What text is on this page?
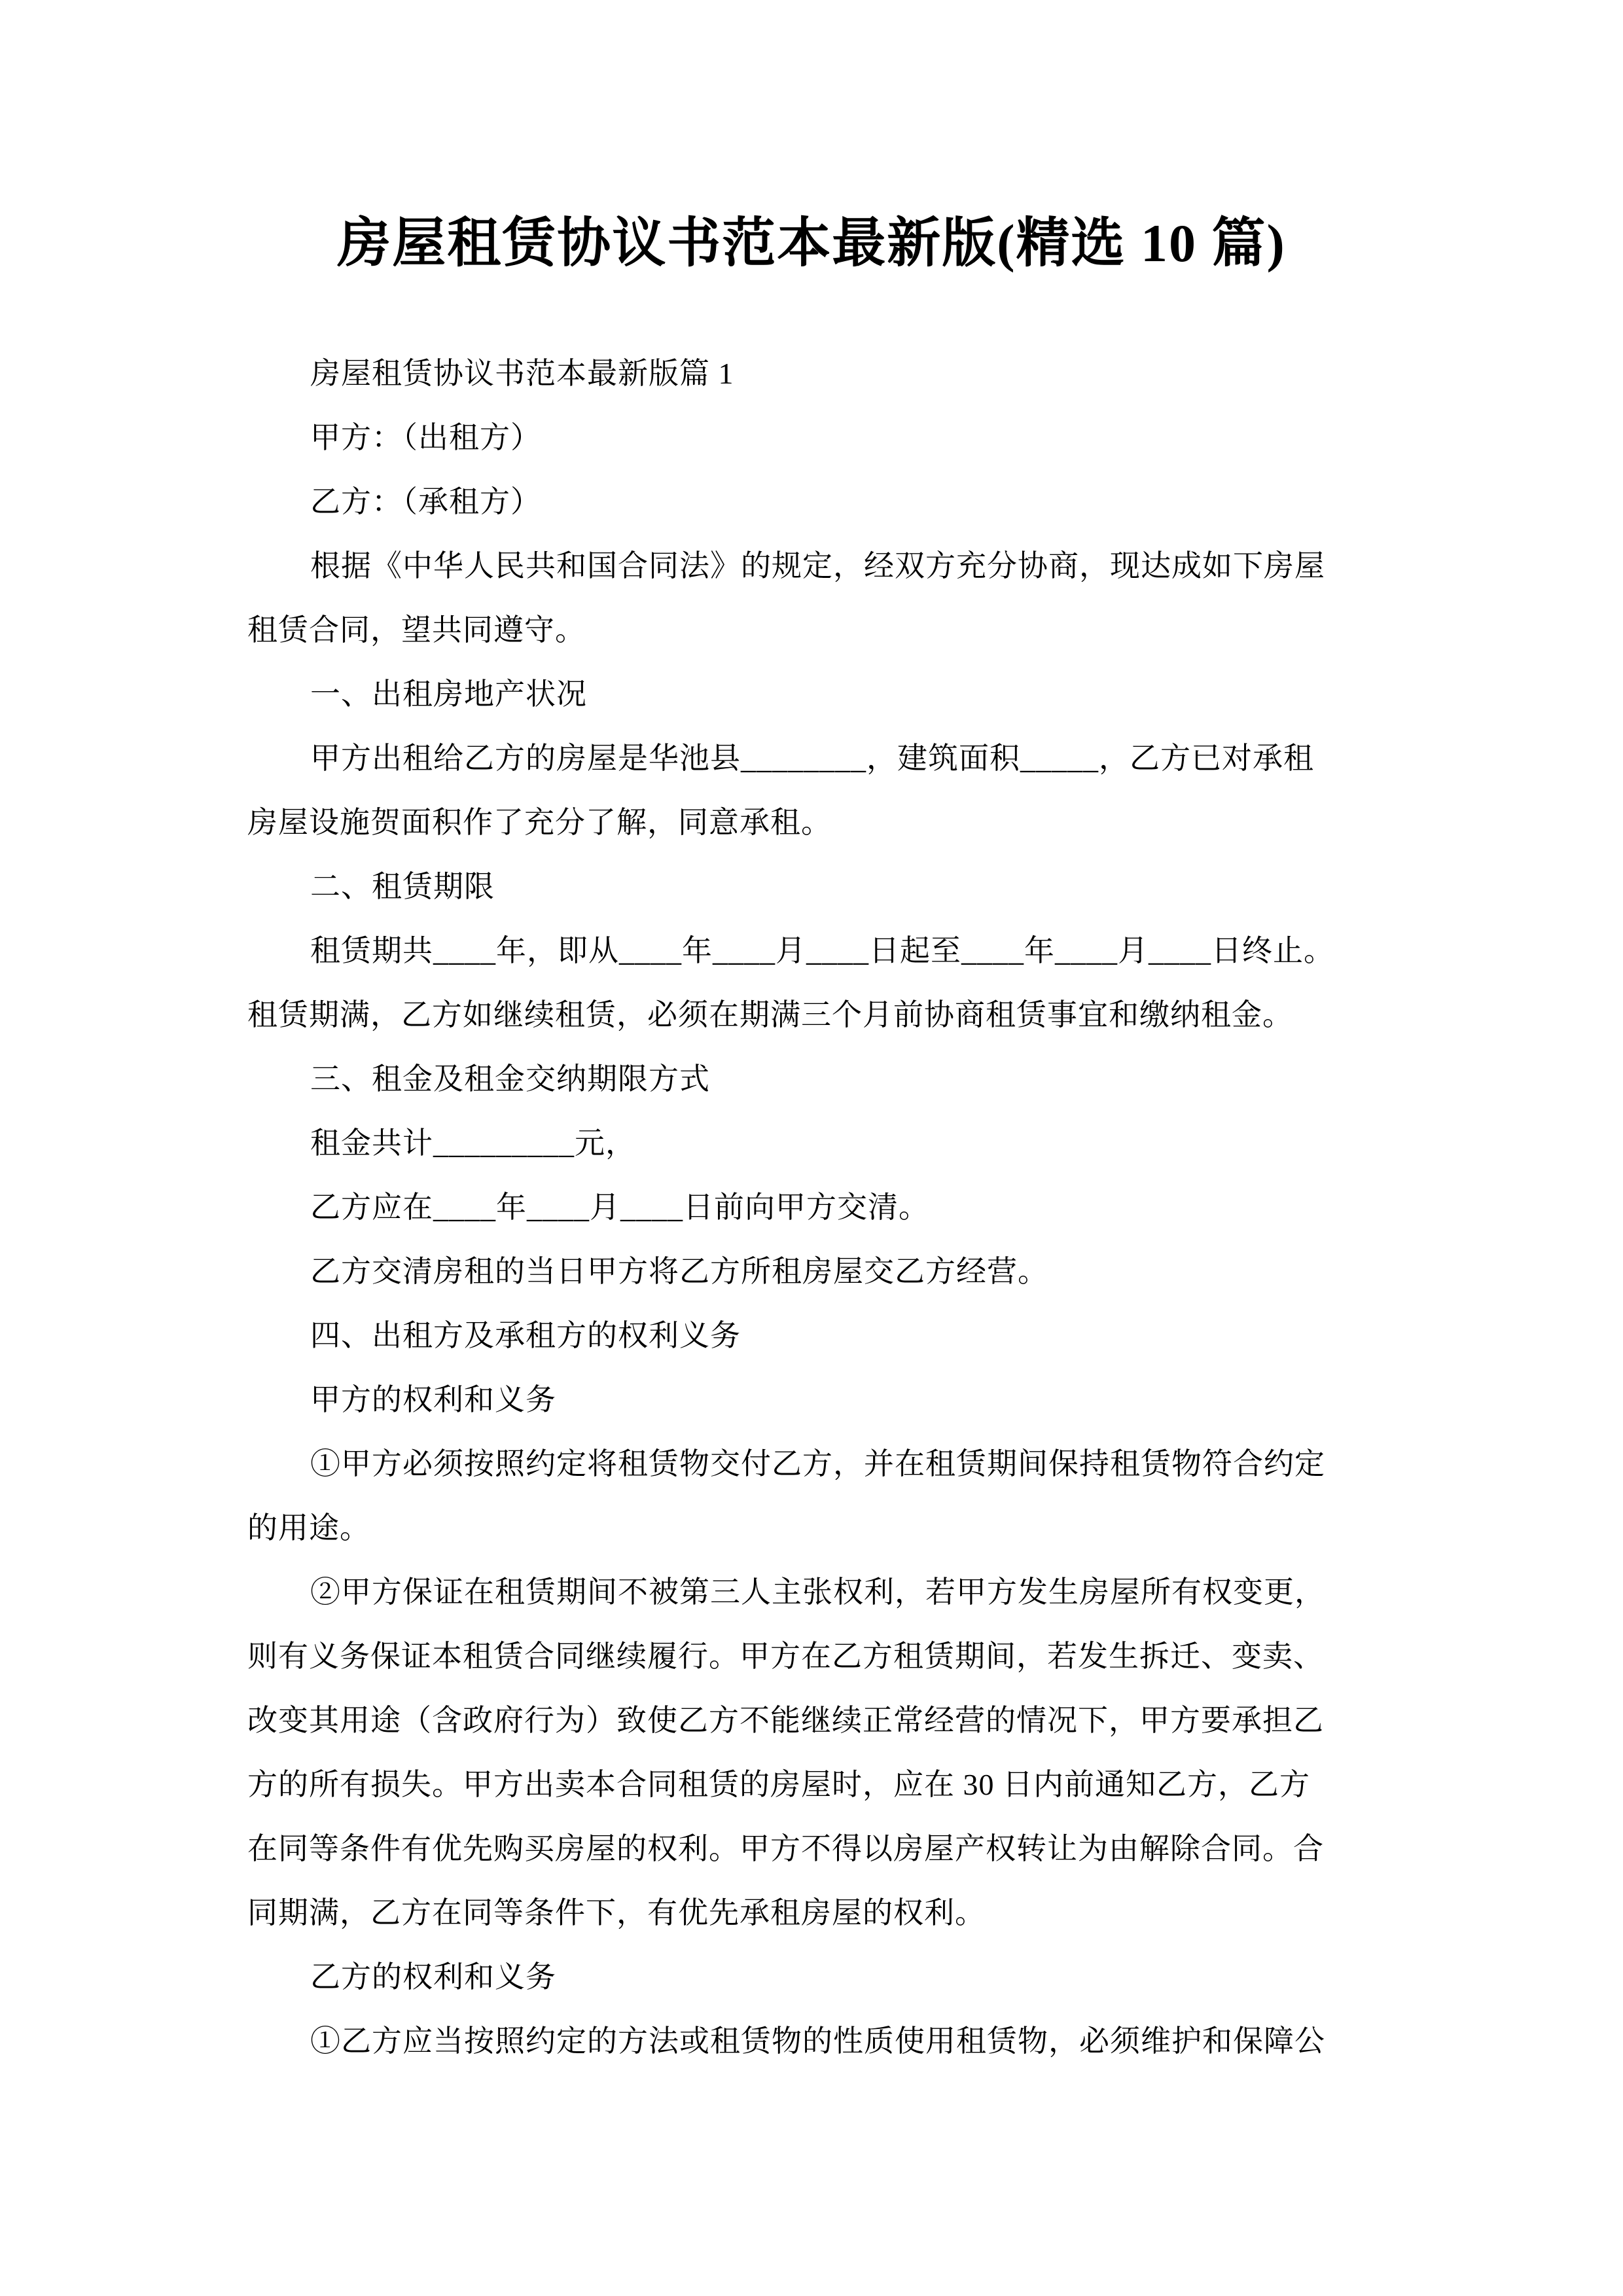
房屋租赁协议书范本最新版(精选 10 篇)
房屋租赁协议书范本最新版篇 1
甲方：（出租方）
乙方：（承租方）
根据《中华人民共和国合同法》的规定，经双方充分协商，现达成如下房屋
租赁合同，望共同遵守。
一、出租房地产状况
甲方出租给乙方的房屋是华池县________，建筑面积_____，乙方已对承租
房屋设施贺面积作了充分了解，同意承租。
二、租赁期限
租赁期共____年，即从____年____月____日起至____年____月____日终止。
租赁期满，乙方如继续租赁，必须在期满三个月前协商租赁事宜和缴纳租金。
三、租金及租金交纳期限方式
租金共计_________元，
乙方应在____年____月____日前向甲方交清。
乙方交清房租的当日甲方将乙方所租房屋交乙方经营。
四、出租方及承租方的权利义务
甲方的权利和义务
①甲方必须按照约定将租赁物交付乙方，并在租赁期间保持租赁物符合约定
的用途。
②甲方保证在租赁期间不被第三人主张权利，若甲方发生房屋所有权变更，
则有义务保证本租赁合同继续履行。甲方在乙方租赁期间，若发生拆迁、变卖、
改变其用途（含政府行为）致使乙方不能继续正常经营的情况下，甲方要承担乙
方的所有损失。甲方出卖本合同租赁的房屋时，应在 30 日内前通知乙方，乙方
在同等条件有优先购买房屋的权利。甲方不得以房屋产权转让为由解除合同。合
同期满，乙方在同等条件下，有优先承租房屋的权利。
乙方的权利和义务
①乙方应当按照约定的方法或租赁物的性质使用租赁物，必须维护和保障公
